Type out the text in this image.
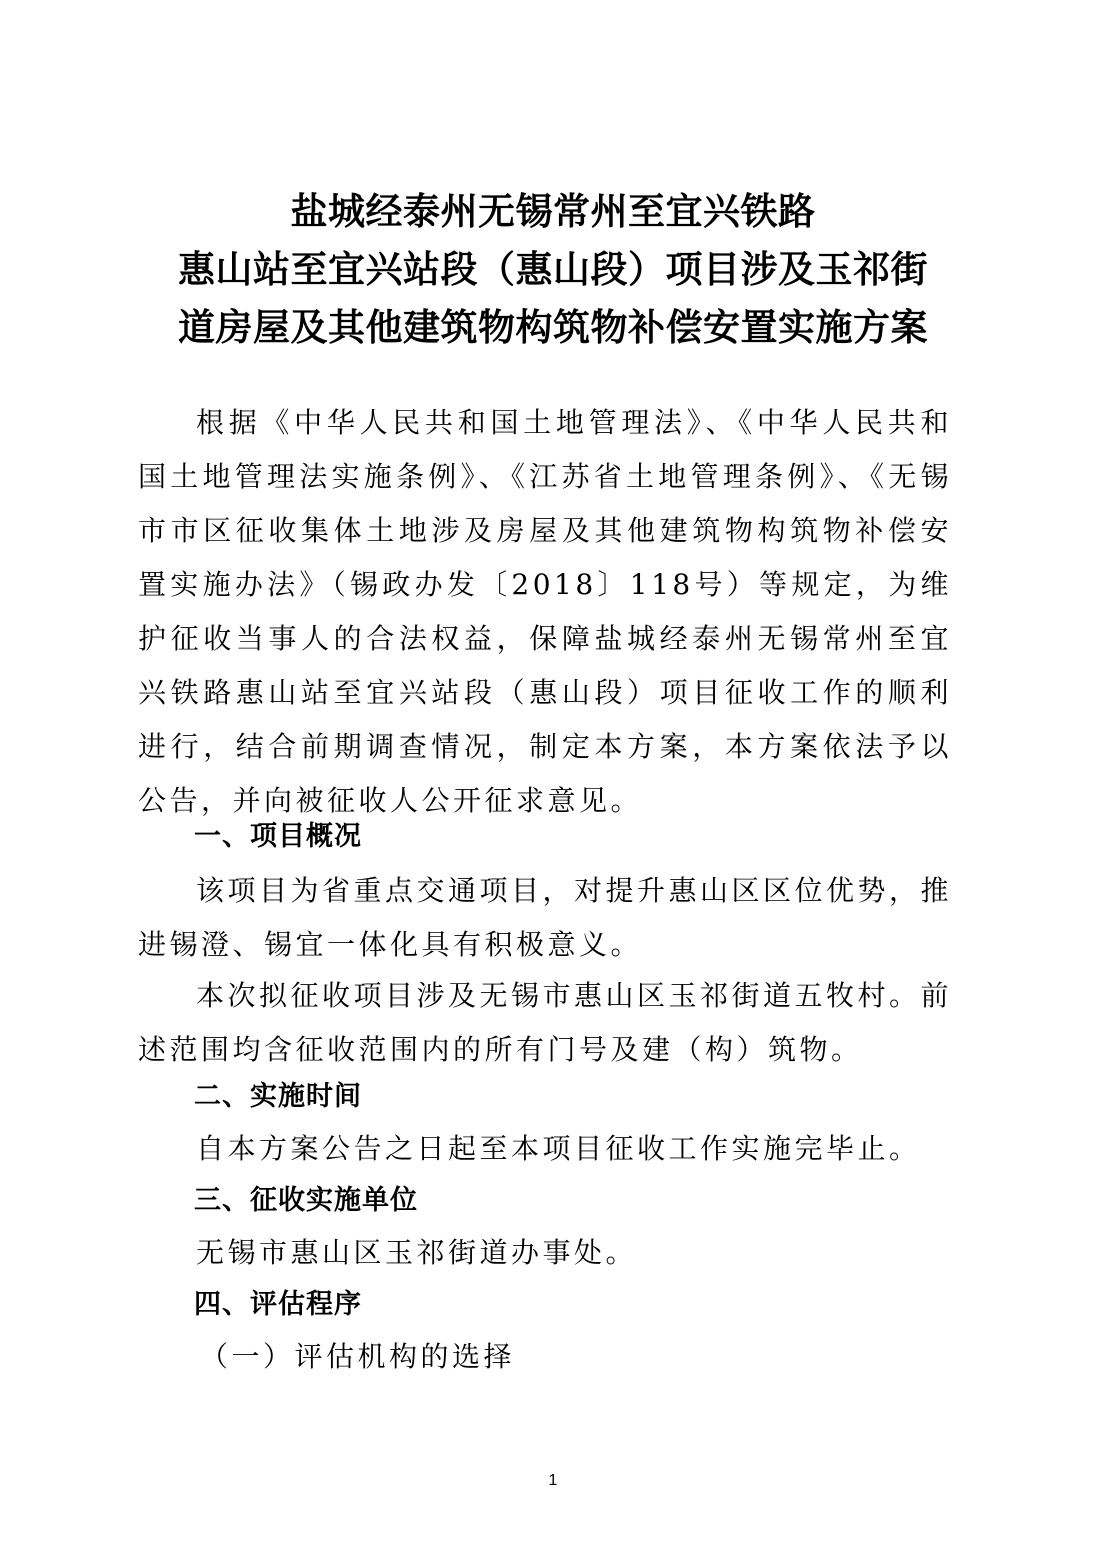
盐城经泰州无锡常州至宜兴铁路
惠山站至宜兴站段（惠山段）项目涉及玉祁街
道房屋及其他建筑物构筑物补偿安置实施方案
根据《中华人民共和国土地管理法》、《中华人民共和国土地管理法实施条例》、《江苏省土地管理条例》、《无锡市市区征收集体土地涉及房屋及其他建筑物构筑物补偿安置实施办法》（锡政办发〔2018〕118号）等规定，为维护征收当事人的合法权益，保障盐城经泰州无锡常州至宜兴铁路惠山站至宜兴站段（惠山段）项目征收工作的顺利进行，结合前期调查情况，制定本方案，本方案依法予以公告，并向被征收人公开征求意见。
一、项目概况
该项目为省重点交通项目，对提升惠山区区位优势，推进锡澄、锡宜一体化具有积极意义。
本次拟征收项目涉及无锡市惠山区玉祁街道五牧村。前述范围均含征收范围内的所有门号及建（构）筑物。
二、实施时间
自本方案公告之日起至本项目征收工作实施完毕止。
三、征收实施单位
无锡市惠山区玉祁街道办事处。
四、评估程序
（一）评估机构的选择
1
